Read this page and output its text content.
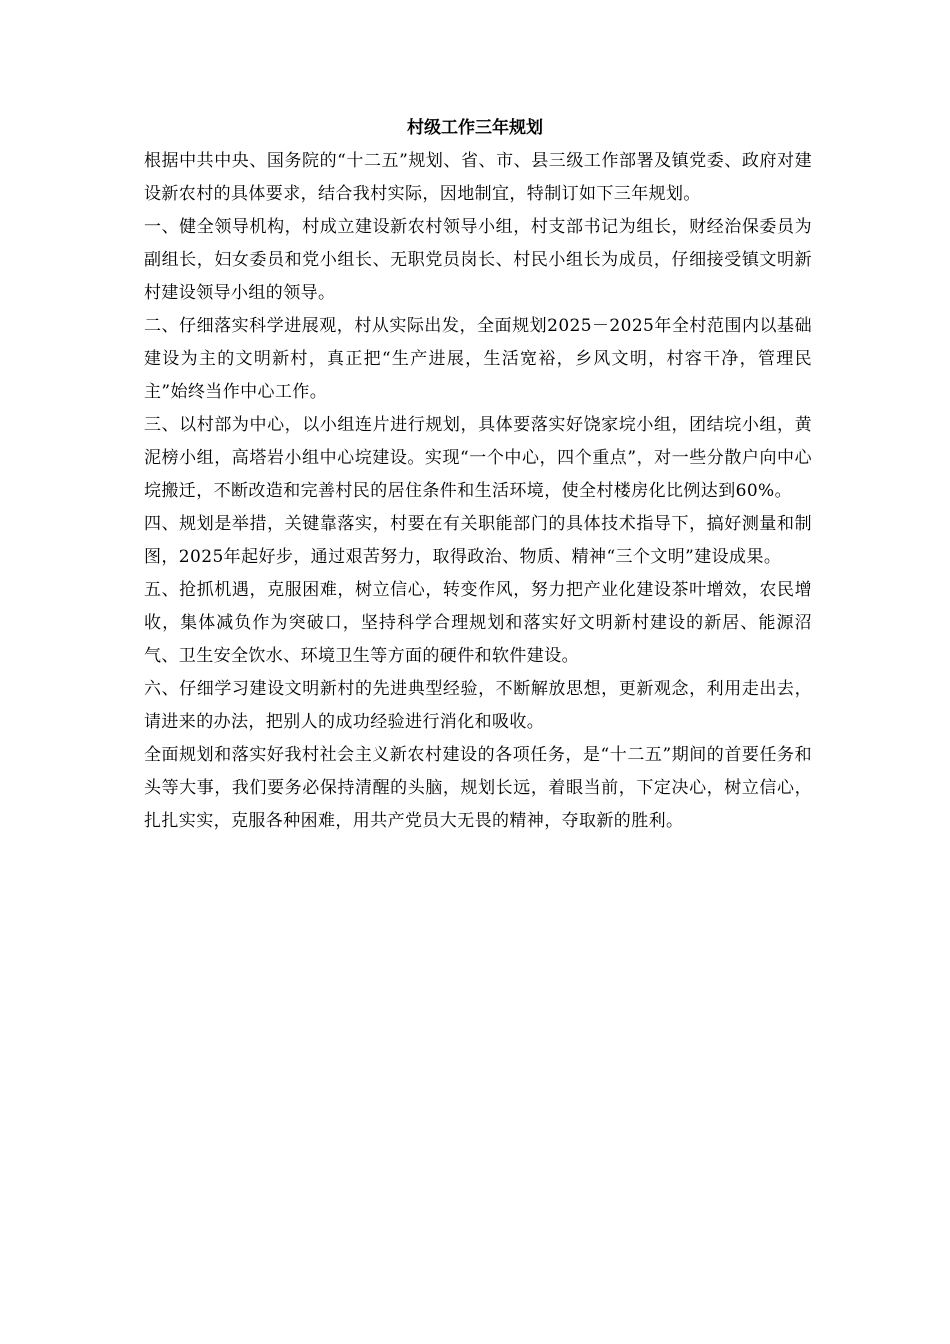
村级工作三年规划

根据中共中央、国务院的“十二五”规划、省、市、县三级工作部署及镇党委、政府对建设新农村的具体要求，结合我村实际，因地制宜，特制订如下三年规划。

一、健全领导机构，村成立建设新农村领导小组，村支部书记为组长，财经治保委员为副组长，妇女委员和党小组长、无职党员岗长、村民小组长为成员，仔细接受镇文明新村建设领导小组的领导。

二、仔细落实科学进展观，村从实际出发，全面规划2025－2025年全村范围内以基础建设为主的文明新村，真正把“生产进展，生活宽裕，乡风文明，村容干净，管理民主”始终当作中心工作。

三、以村部为中心，以小组连片进行规划，具体要落实好饶家垸小组，团结垸小组，黄泥榜小组，高塔岩小组中心垸建设。实现“一个中心，四个重点”，对一些分散户向中心垸搬迁，不断改造和完善村民的居住条件和生活环境，使全村楼房化比例达到60%。

四、规划是举措，关键靠落实，村要在有关职能部门的具体技术指导下，搞好测量和制图，2025年起好步，通过艰苦努力，取得政治、物质、精神“三个文明”建设成果。

五、抢抓机遇，克服困难，树立信心，转变作风，努力把产业化建设茶叶增效，农民增收，集体减负作为突破口，坚持科学合理规划和落实好文明新村建设的新居、能源沼气、卫生安全饮水、环境卫生等方面的硬件和软件建设。

六、仔细学习建设文明新村的先进典型经验，不断解放思想，更新观念，利用走出去，请进来的办法，把别人的成功经验进行消化和吸收。

全面规划和落实好我村社会主义新农村建设的各项任务，是“十二五”期间的首要任务和头等大事，我们要务必保持清醒的头脑，规划长远，着眼当前，下定决心，树立信心，扎扎实实，克服各种困难，用共产党员大无畏的精神，夺取新的胜利。
